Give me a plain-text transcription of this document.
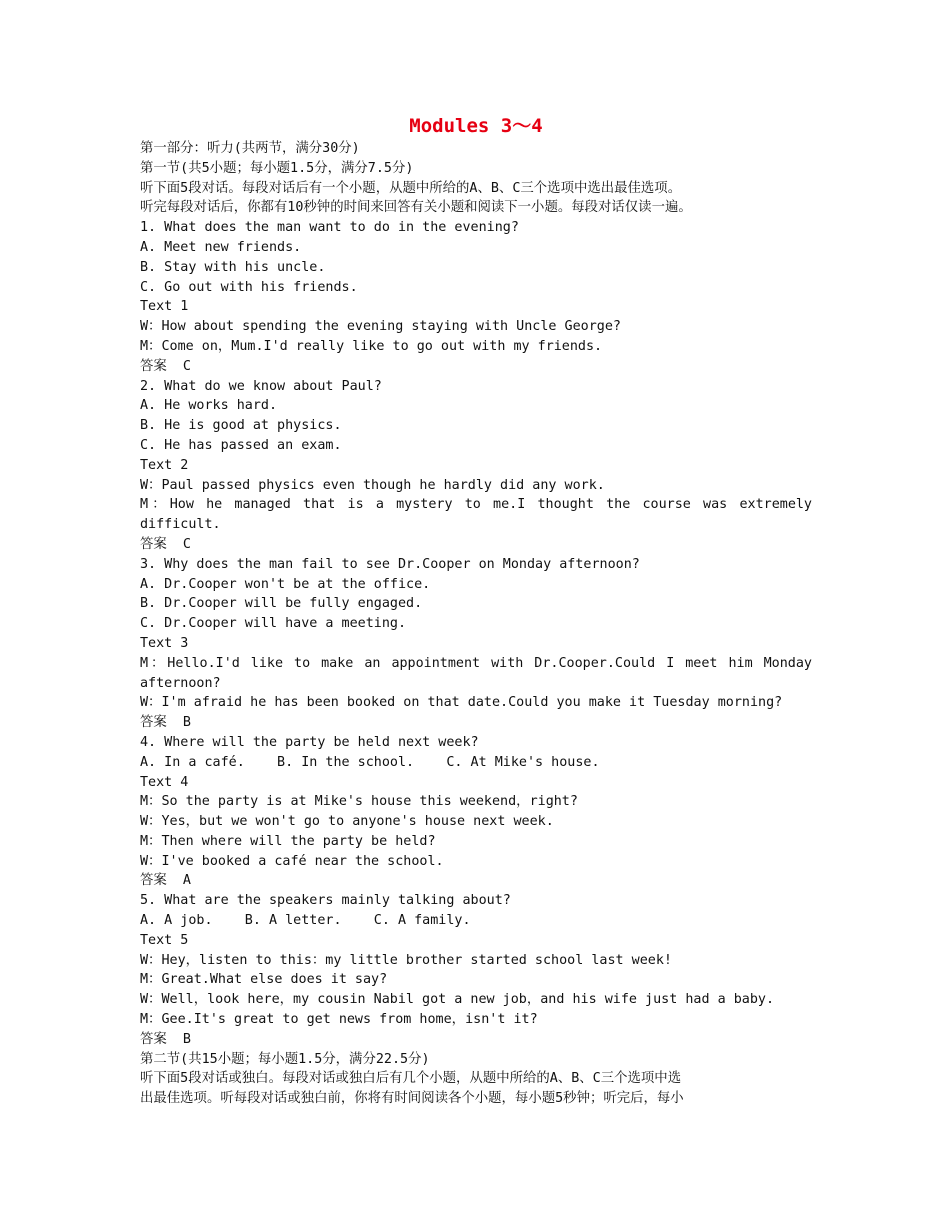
Modules 3～4
第一部分：听力(共两节，满分30分)
第一节(共5小题；每小题1.5分，满分7.5分)
听下面5段对话。每段对话后有一个小题，从题中所给的A、B、C三个选项中选出最佳选项。
听完每段对话后，你都有10秒钟的时间来回答有关小题和阅读下一小题。每段对话仅读一遍。
1. What does the man want to do in the evening?
A. Meet new friends.
B. Stay with his uncle.
C. Go out with his friends.
Text 1
W：How about spending the evening staying with Uncle George?
M：Come on，Mum.I'd really like to go out with my friends.
答案  C
2. What do we know about Paul?
A. He works hard.
B. He is good at physics.
C. He has passed an exam.
Text 2
W：Paul passed physics even though he hardly did any work.
M：How he managed that is a mystery to me.I thought the course was extremely
difficult.
答案  C
3. Why does the man fail to see Dr.Cooper on Monday afternoon?
A. Dr.Cooper won't be at the office.
B. Dr.Cooper will be fully engaged.
C. Dr.Cooper will have a meeting.
Text 3
M：Hello.I'd like to make an appointment with Dr.Cooper.Could I meet him Monday
afternoon?
W：I'm afraid he has been booked on that date.Could you make it Tuesday morning?
答案  B
4. Where will the party be held next week?
A. In a café.    B. In the school.    C. At Mike's house.
Text 4
M：So the party is at Mike's house this weekend，right?
W：Yes，but we won't go to anyone's house next week.
M：Then where will the party be held?
W：I've booked a café near the school.
答案  A
5. What are the speakers mainly talking about?
A. A job.    B. A letter.    C. A family.
Text 5
W：Hey，listen to this：my little brother started school last week!
M：Great.What else does it say?
W：Well，look here，my cousin Nabil got a new job，and his wife just had a baby.
M：Gee.It's great to get news from home，isn't it?
答案  B
第二节(共15小题；每小题1.5分，满分22.5分)
听下面5段对话或独白。每段对话或独白后有几个小题，从题中所给的A、B、C三个选项中选
出最佳选项。听每段对话或独白前，你将有时间阅读各个小题，每小题5秒钟；听完后，每小
